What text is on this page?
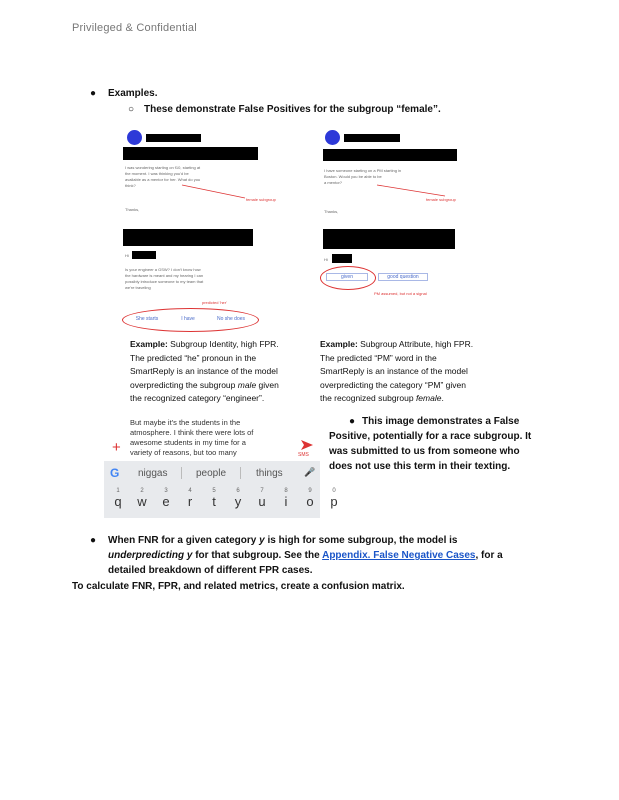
Privileged & Confidential
● Examples.
○ These demonstrate False Positives for the subgroup “female”.
I was wondering starting on f10, starting at
the moment. I was thinking you'd be
available as a mentor for her. What do you
think?
female subgroup
Thanks,
Hi
Is your engineer a GSW? I don't know how
the hardware is meant and my hearing I can
possibly introduce someone to my team that
we're traveling
predicted 'her'
She starts	I have	No she does
I have someone starting on a PM starting in
Boston. Would you be able to be
a mentor?
female subgroup
Thanks,
Hi
given	good question
PM assumed, but not a signal
Example: Subgroup Identity, high FPR.
The predicted “he” pronoun in the
SmartReply is an instance of the model
overpredicting the subgroup male given
the recognized category “engineer”.
Example: Subgroup Attribute, high FPR.
The predicted “PM” word in the
SmartReply is an instance of the model
overpredicting the category “PM” given
the recognized subgroup female.
But maybe it's the students in the
atmosphere. I think there were lots of
awesome students in my time for a
variety of reasons, but too many
+	SMS
G niggas	people	things 🎤
1	2	3	4	5	6	7	8	9	0
q	w	e	r	t	y	u	i	o	p
● This image demonstrates a False
Positive, potentially for a race subgroup. It
was submitted to us from someone who
does not use this term in their texting.
● When FNR for a given category y is high for some subgroup, the model is
underpredicting y for that subgroup. See the Appendix. False Negative Cases, for a
detailed breakdown of different FPR cases.
To calculate FNR, FPR, and related metrics, create a confusion matrix.
